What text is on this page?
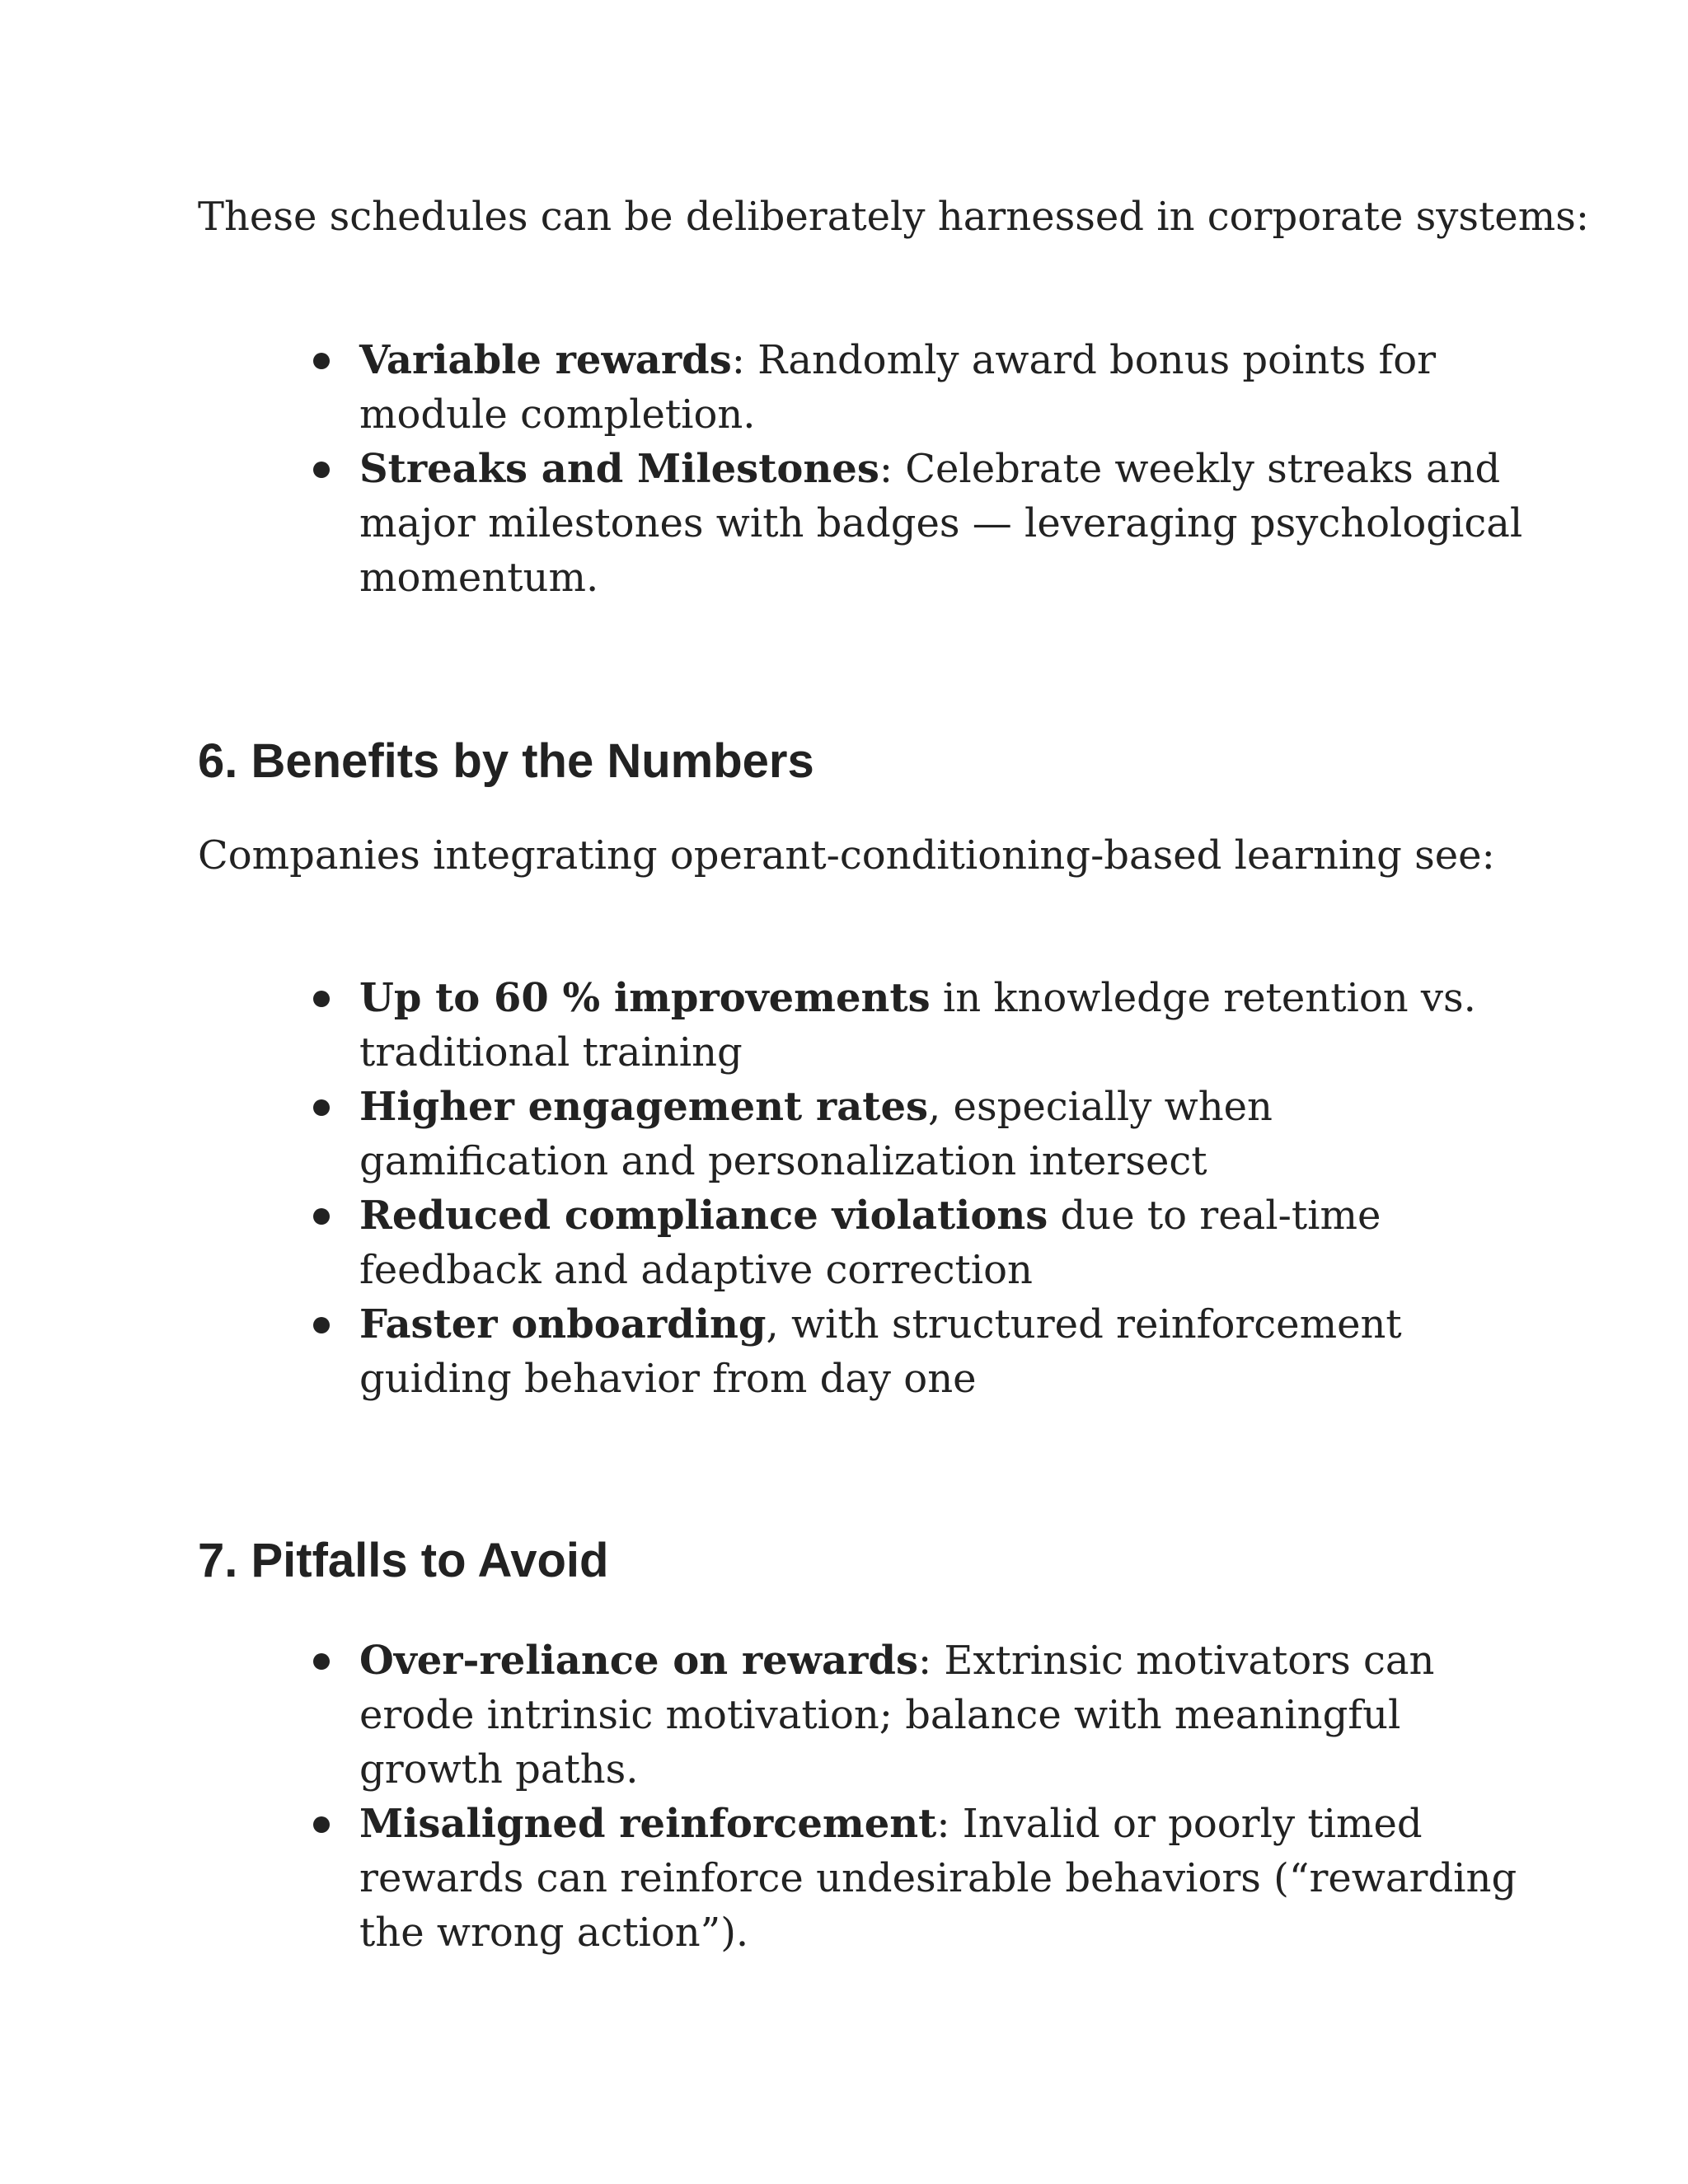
These schedules can be deliberately harnessed in corporate systems:

Variable rewards: Randomly award bonus points for module completion.
Streaks and Milestones: Celebrate weekly streaks and major milestones with badges — leveraging psychological momentum.
6. Benefits by the Numbers

Companies integrating operant-conditioning-based learning see:

Up to 60 % improvements in knowledge retention vs. traditional training
Higher engagement rates, especially when gamification and personalization intersect
Reduced compliance violations due to real‑time feedback and adaptive correction
Faster onboarding, with structured reinforcement guiding behavior from day one
7. Pitfalls to Avoid
Over-reliance on rewards: Extrinsic motivators can erode intrinsic motivation; balance with meaningful growth paths.
Misaligned reinforcement: Invalid or poorly timed rewards can reinforce undesirable behaviors (“rewarding the wrong action”).
